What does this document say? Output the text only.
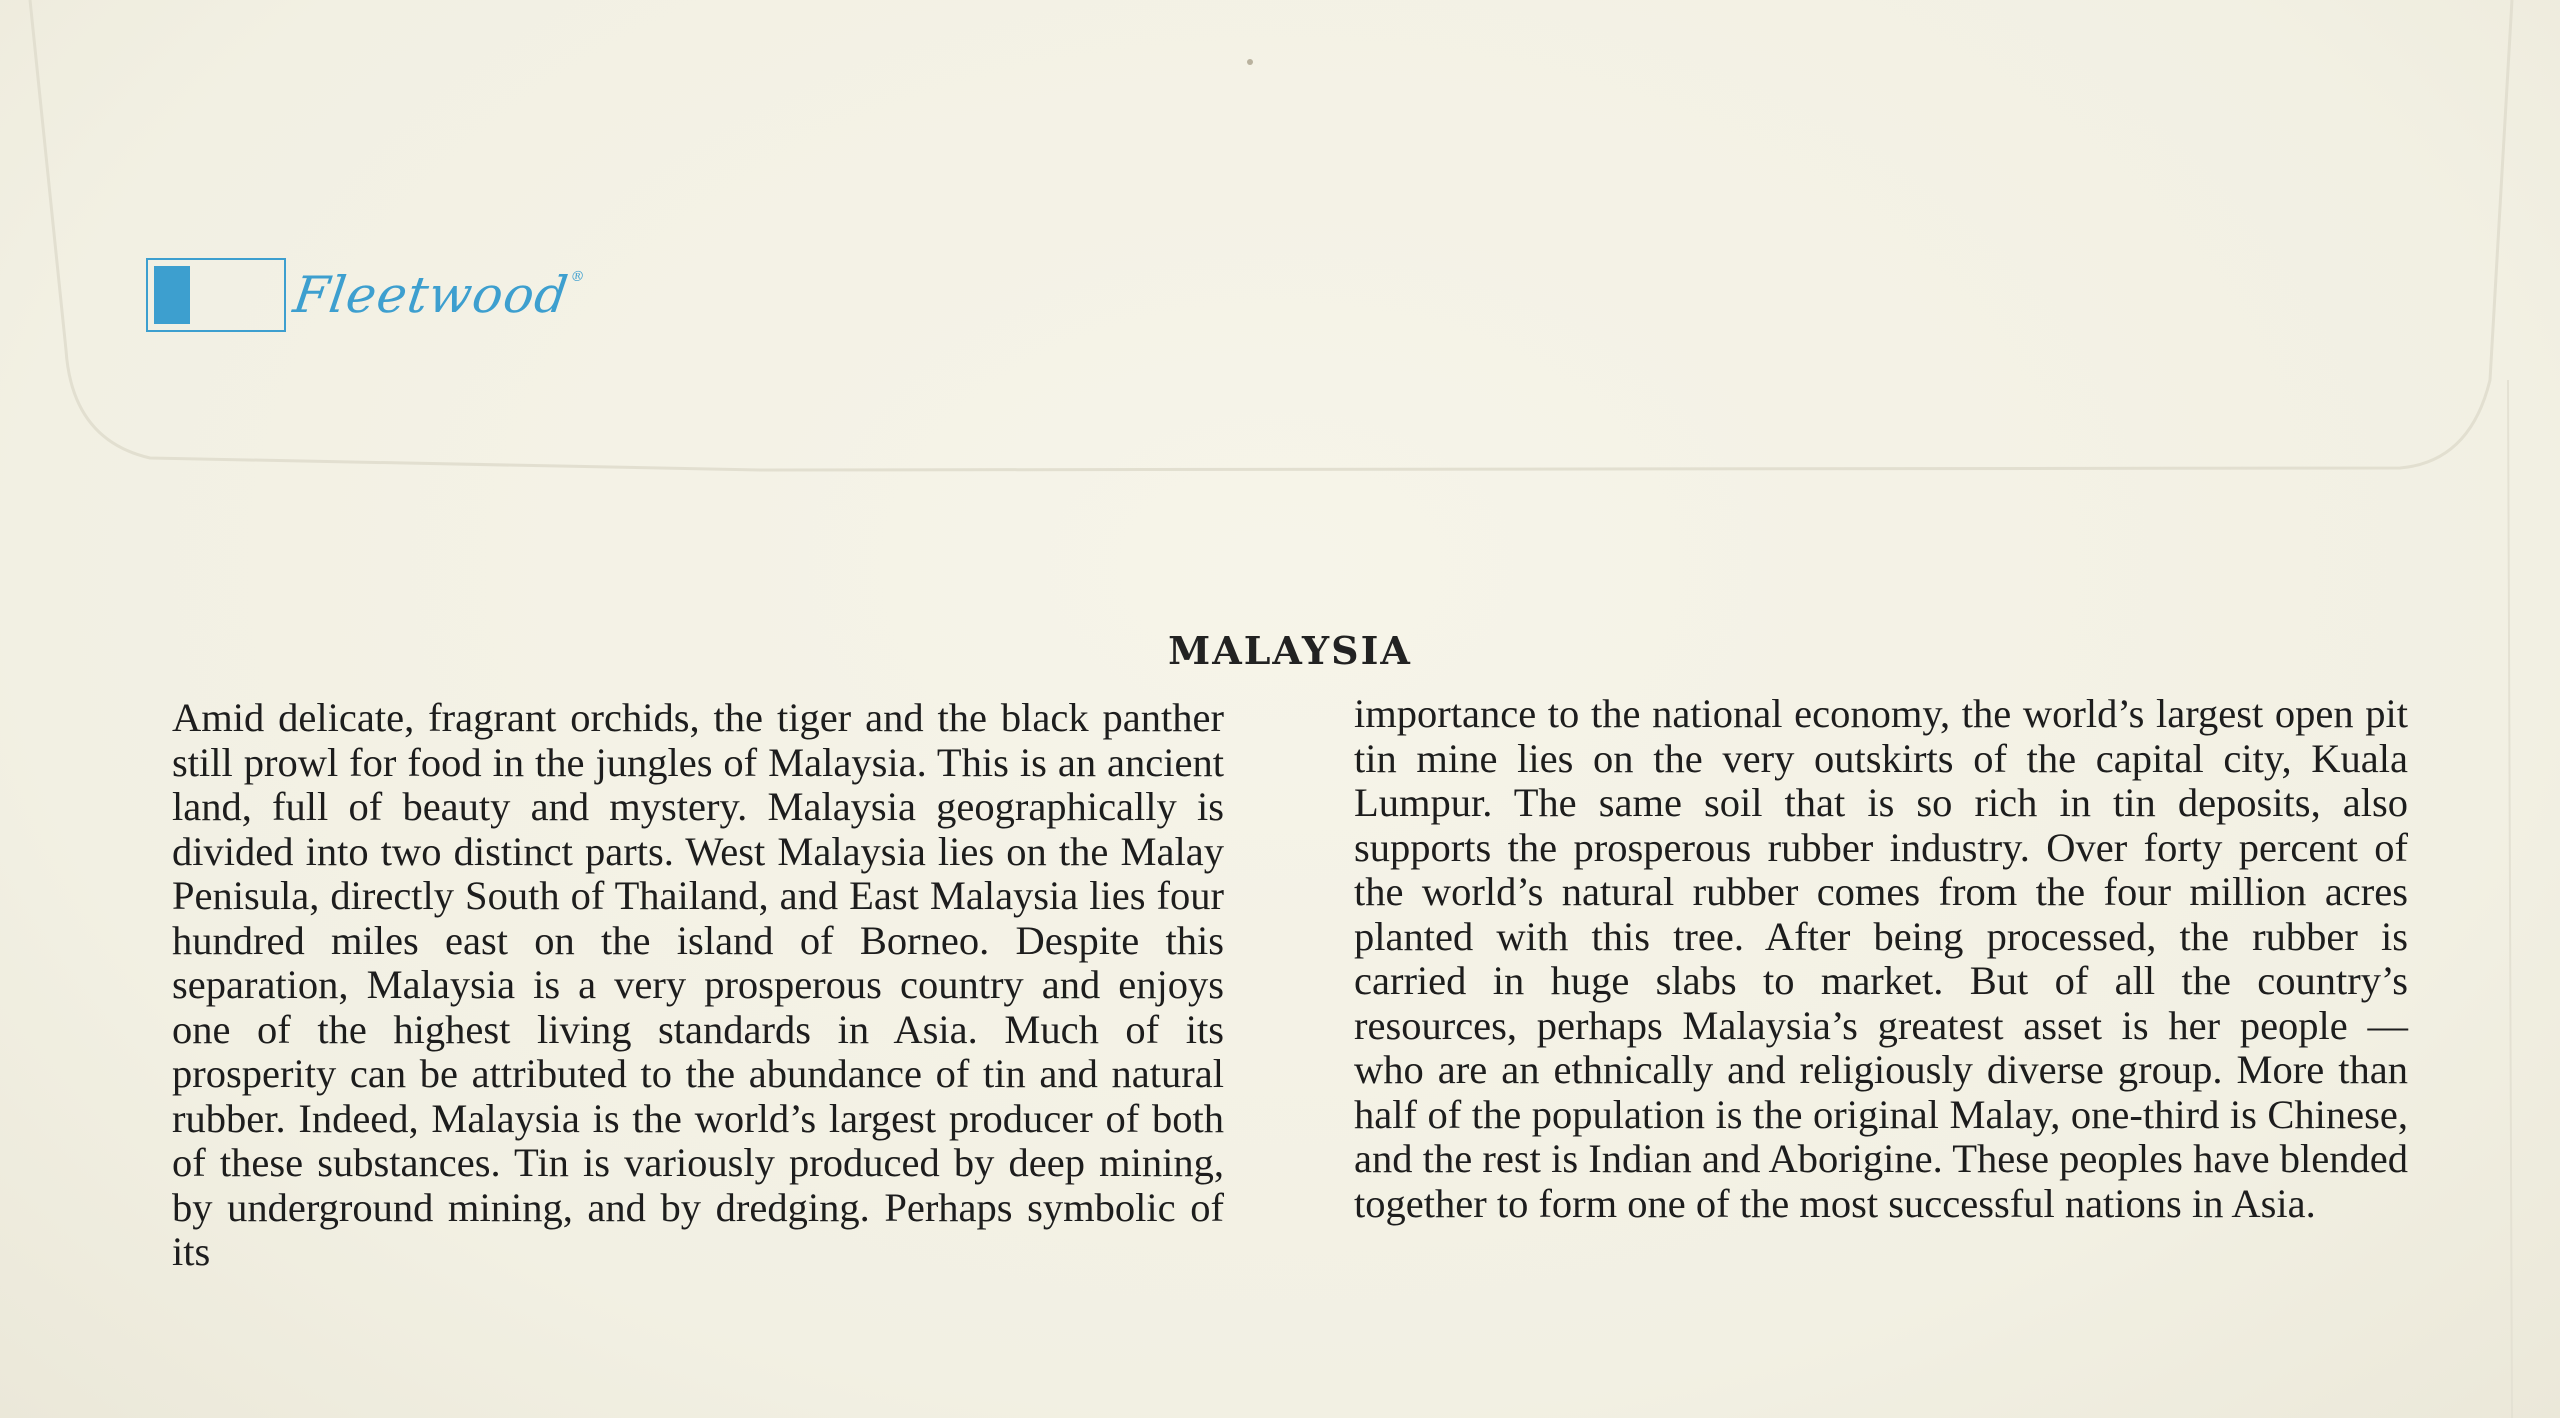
Fleetwood®
MALAYSIA

Amid delicate, fragrant orchids, the tiger and the black panther still prowl for food in the jungles of Malaysia. This is an ancient land, full of beauty and mystery. Malaysia geographically is divided into two distinct parts. West Malaysia lies on the Malay Penisula, directly South of Thailand, and East Malaysia lies four hundred miles east on the island of Borneo. Despite this separation, Malaysia is a very prosperous country and enjoys one of the highest living standards in Asia. Much of its prosperity can be attributed to the abundance of tin and natural rubber. Indeed, Malaysia is the world’s largest producer of both of these substances. Tin is variously produced by deep mining, by underground mining, and by dredging. Perhaps symbolic of its

importance to the national economy, the world’s largest open pit tin mine lies on the very outskirts of the capital city, Kuala Lumpur. The same soil that is so rich in tin deposits, also supports the prosperous rubber industry. Over forty percent of the world’s natural rubber comes from the four million acres planted with this tree. After being processed, the rubber is carried in huge slabs to market. But of all the country’s resources, perhaps Malaysia’s greatest asset is her people — who are an ethnically and religiously diverse group. More than half of the population is the original Malay, one-third is Chinese, and the rest is Indian and Aborigine. These peoples have blended together to form one of the most successful nations in Asia.
